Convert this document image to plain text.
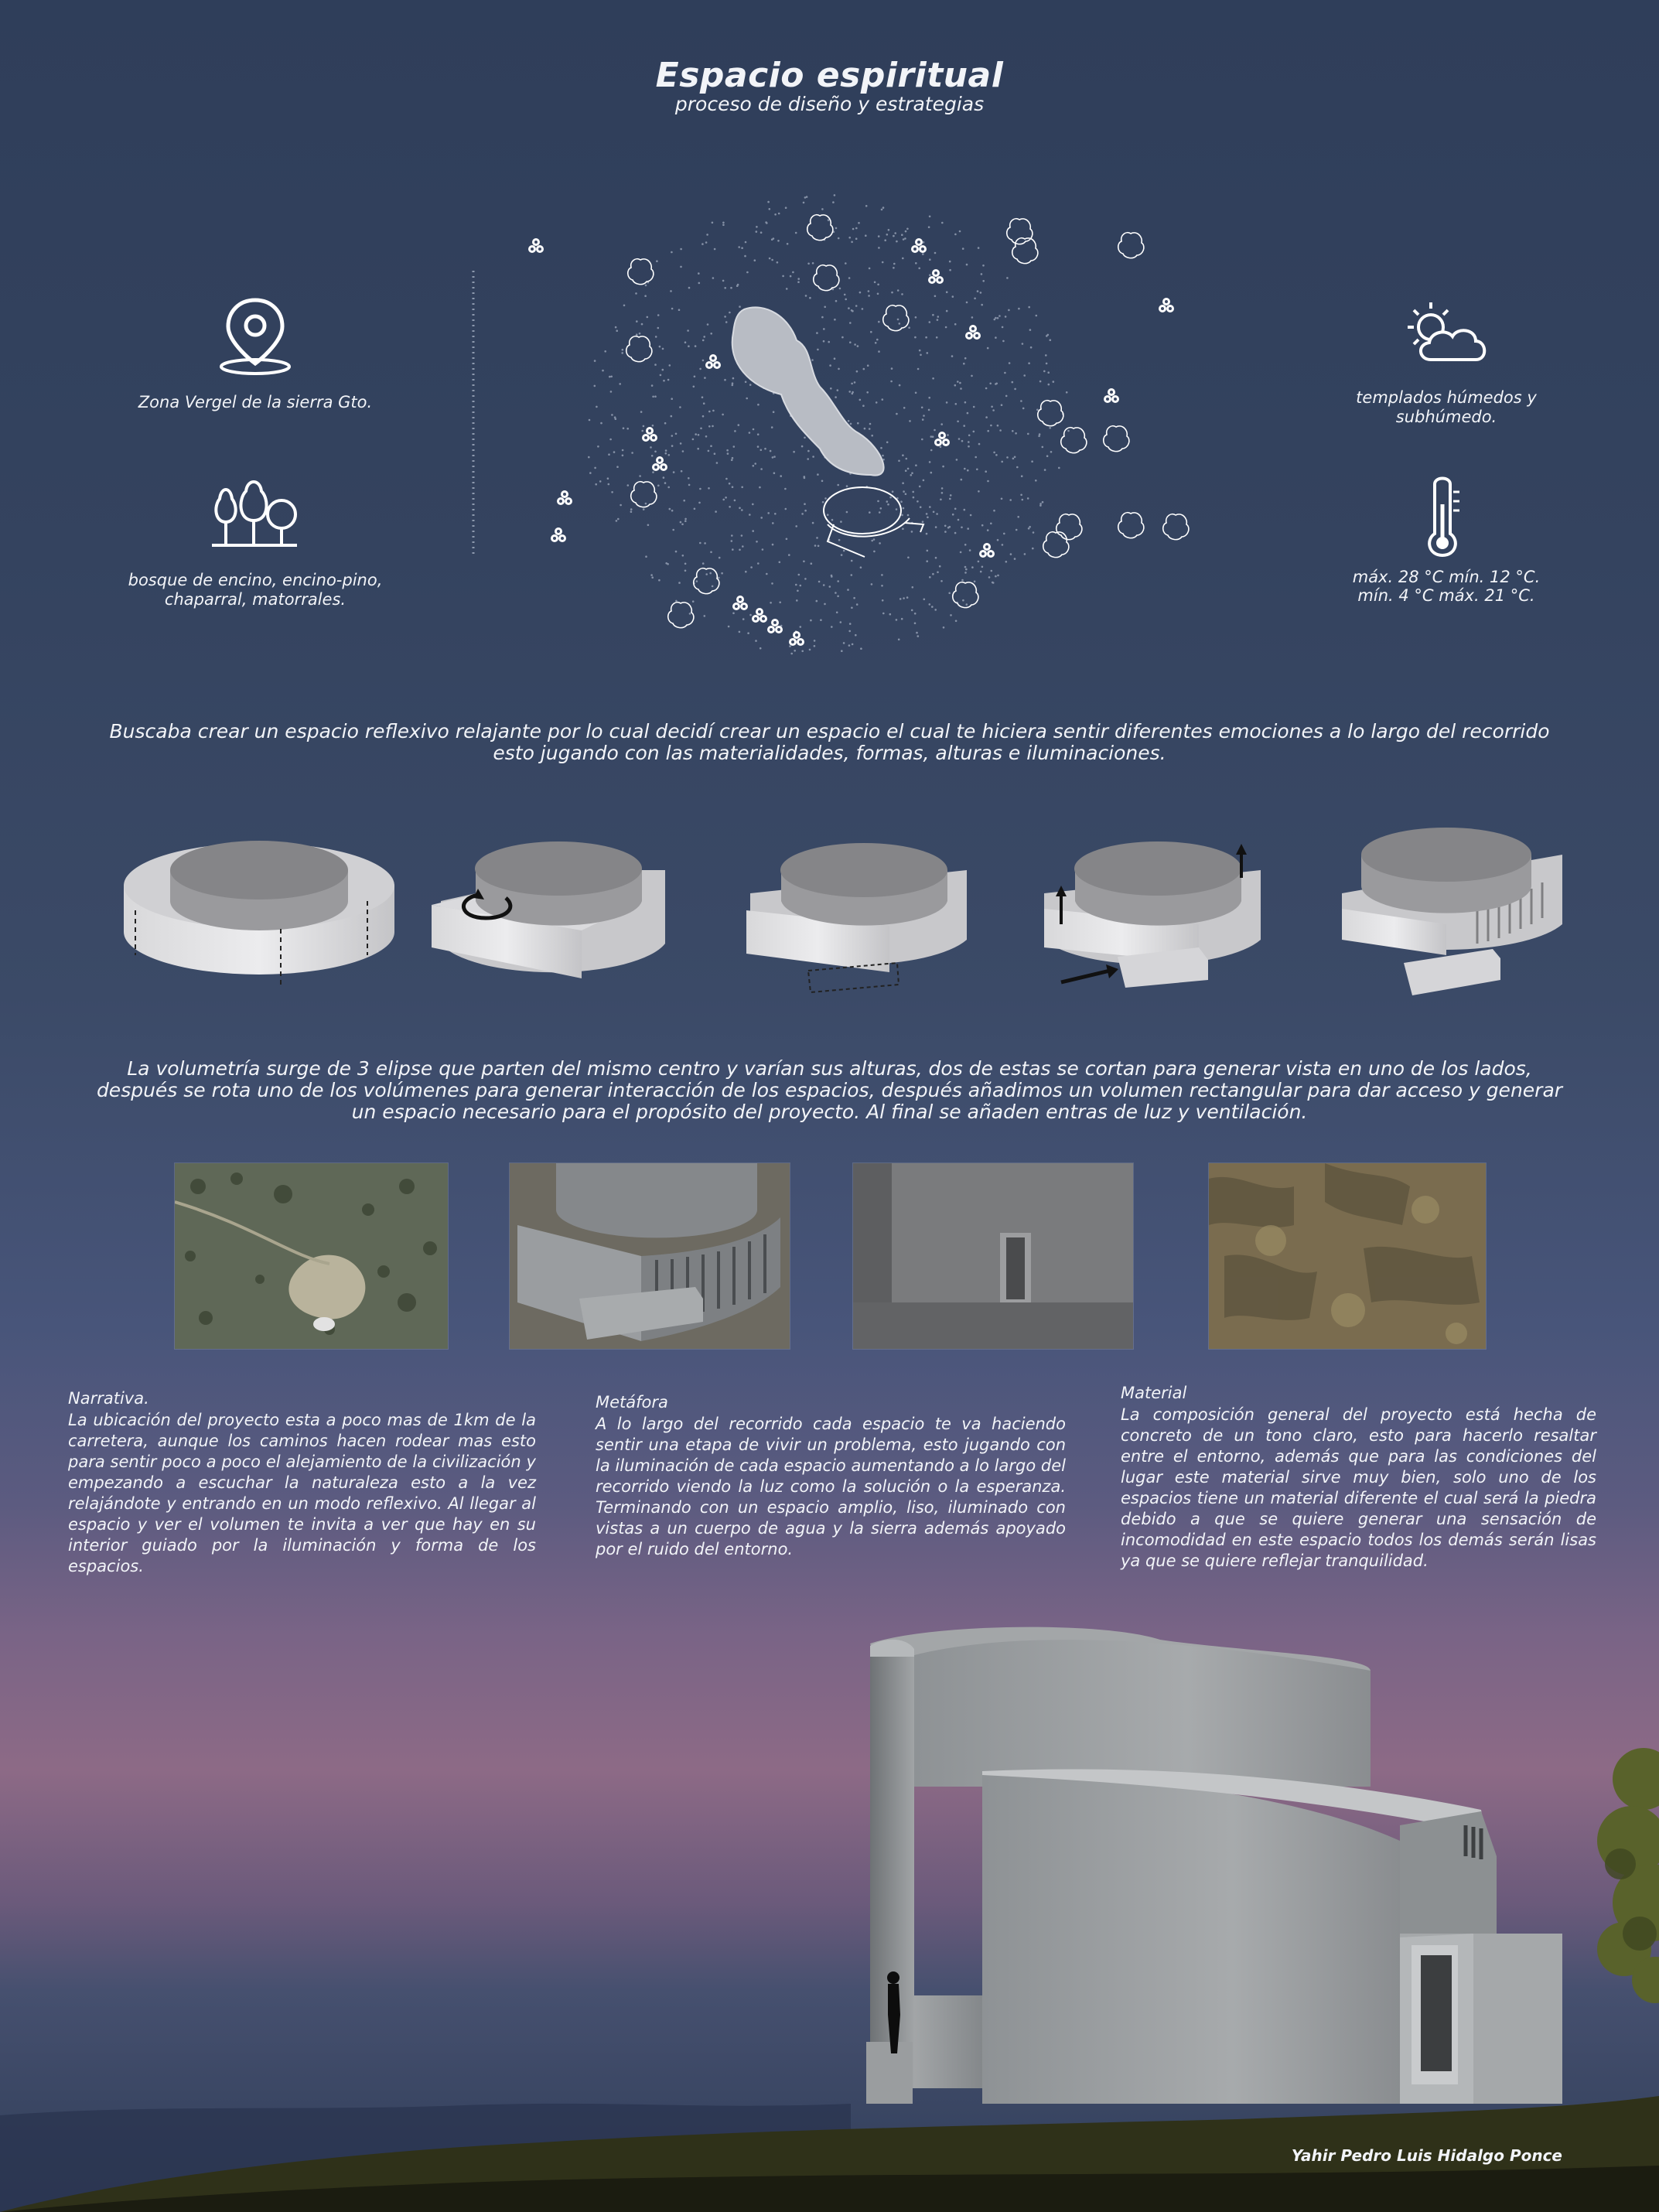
Espacio espiritual
proceso de diseño y estrategias
Zona Vergel de la sierra Gto.
bosque de encino, encino-pino, chaparral, matorrales.
templados húmedos y subhúmedo.
máx. 28 °C mín. 12 °C.
mín. 4 °C máx. 21 °C.
Buscaba crear un espacio reflexivo relajante por lo cual decidí crear un espacio el cual te hiciera sentir diferentes emociones a lo largo del recorrido esto jugando con las materialidades, formas, alturas e iluminaciones.
La volumetría surge de 3 elipse que parten del mismo centro y varían sus alturas, dos de estas se cortan para generar vista en uno de los lados, después se rota uno de los volúmenes para generar interacción de los espacios, después añadimos un volumen rectangular para dar acceso y generar un espacio necesario para el propósito del proyecto. Al final se añaden entras de luz y ventilación.
Narrativa.
La ubicación del proyecto esta a poco mas de 1km de la carretera, aunque los caminos hacen rodear mas esto para sentir poco a poco el alejamiento de la civilización y empezando a escuchar la naturaleza esto a la vez relajándote y entrando en un modo reflexivo. Al llegar al espacio y ver el volumen te invita a ver que hay en su interior guiado por la iluminación y forma de los espacios.
Metáfora
A lo largo del recorrido cada espacio te va haciendo sentir una etapa de vivir un problema, esto jugando con la iluminación de cada espacio aumentando a lo largo del recorrido viendo la luz como la solución o la esperanza. Terminando con un espacio amplio, liso, iluminado con vistas a un cuerpo de agua y la sierra además apoyado por el ruido del entorno.
Material
La composición general del proyecto está hecha de concreto de un tono claro, esto para hacerlo resaltar entre el entorno, además que para las condiciones del lugar este material sirve muy bien, solo uno de los espacios tiene un material diferente el cual será la piedra debido a que se quiere generar una sensación de incomodidad en este espacio todos los demás serán lisas ya que se quiere reflejar tranquilidad.
Yahir Pedro Luis Hidalgo Ponce
